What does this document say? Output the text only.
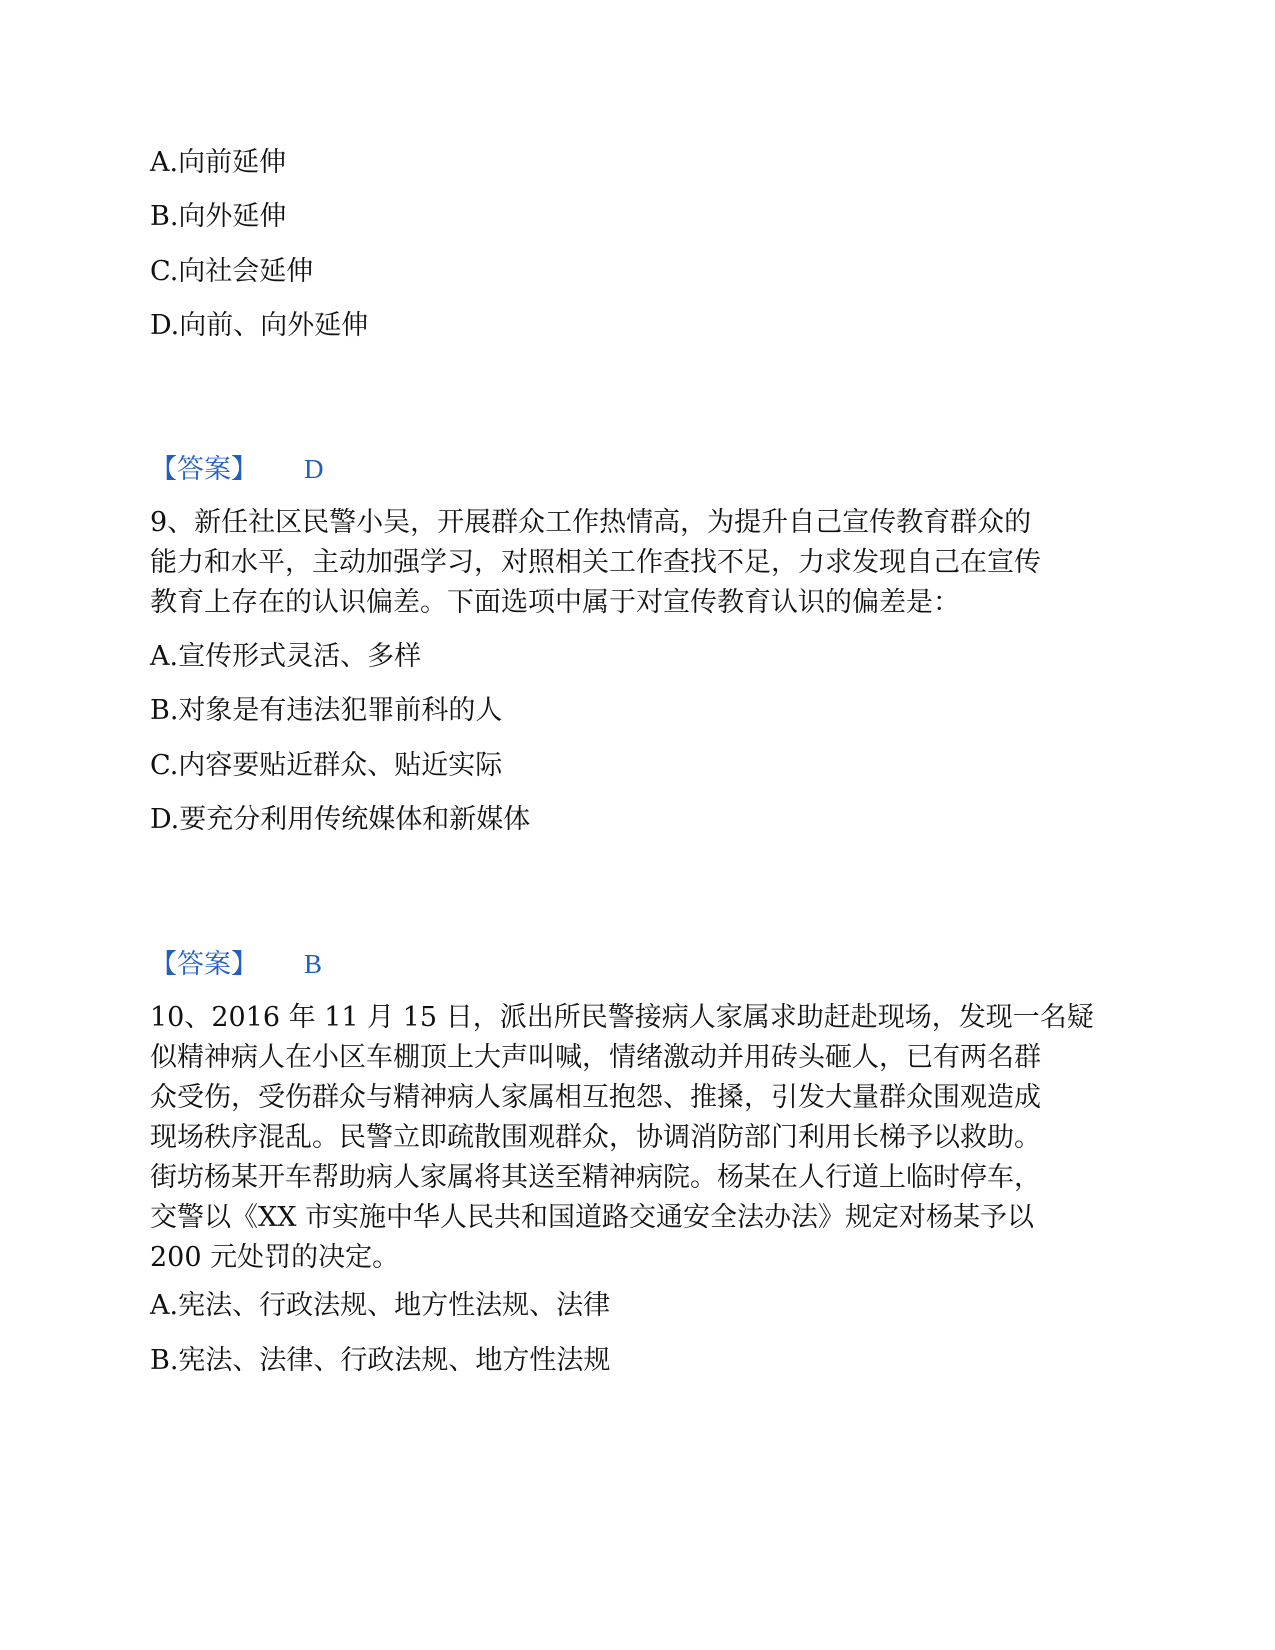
A.向前延伸
B.向外延伸
C.向社会延伸
D.向前、向外延伸
【答案】 D

9、新任社区民警小吴，开展群众工作热情高，为提升自己宣传教育群众的

能力和水平，主动加强学习，对照相关工作查找不足，力求发现自己在宣传

教育上存在的认识偏差。下面选项中属于对宣传教育认识的偏差是：

A.宣传形式灵活、多样
B.对象是有违法犯罪前科的人
C.内容要贴近群众、贴近实际
D.要充分利用传统媒体和新媒体
【答案】 B

10、2016 年 11 月 15 日，派出所民警接病人家属求助赶赴现场，发现一名疑

似精神病人在小区车棚顶上大声叫喊，情绪激动并用砖头砸人，已有两名群

众受伤，受伤群众与精神病人家属相互抱怨、推搡，引发大量群众围观造成

现场秩序混乱。民警立即疏散围观群众，协调消防部门利用长梯予以救助。

街坊杨某开车帮助病人家属将其送至精神病院。杨某在人行道上临时停车，

交警以《XX 市实施中华人民共和国道路交通安全法办法》规定对杨某予以

200 元处罚的决定。

A.宪法、行政法规、地方性法规、法律
B.宪法、法律、行政法规、地方性法规
